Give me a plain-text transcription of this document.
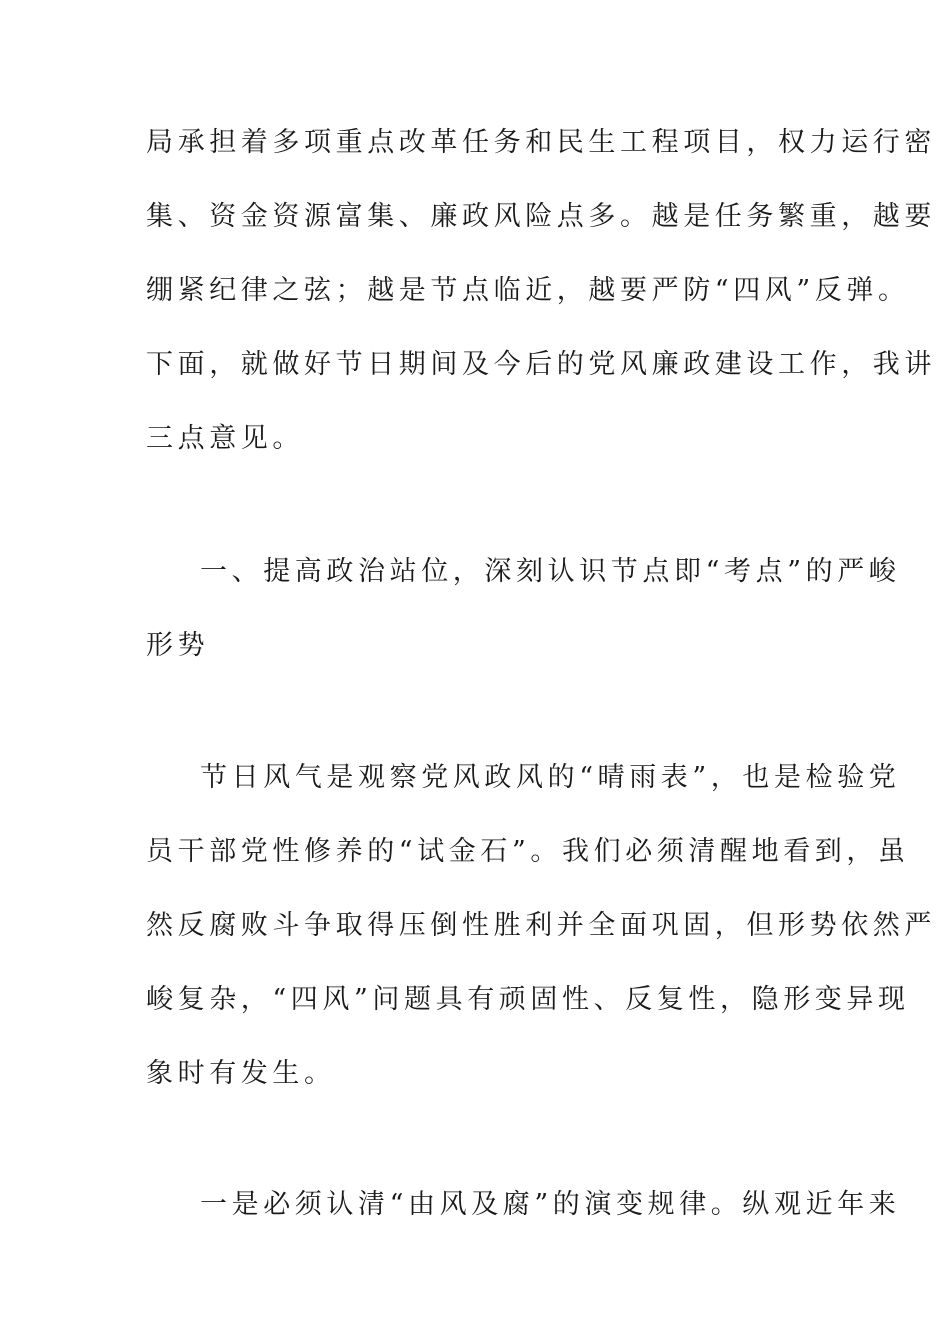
局承担着多项重点改革任务和民生工程项目，权力运行密
集、资金资源富集、廉政风险点多。越是任务繁重，越要
绷紧纪律之弦；越是节点临近，越要严防“四风”反弹。
下面，就做好节日期间及今后的党风廉政建设工作，我讲
三点意见。
一、提高政治站位，深刻认识节点即“考点”的严峻
形势
节日风气是观察党风政风的“晴雨表”，也是检验党
员干部党性修养的“试金石”。我们必须清醒地看到，虽
然反腐败斗争取得压倒性胜利并全面巩固，但形势依然严
峻复杂，“四风”问题具有顽固性、反复性，隐形变异现
象时有发生。
一是必须认清“由风及腐”的演变规律。纵观近年来
